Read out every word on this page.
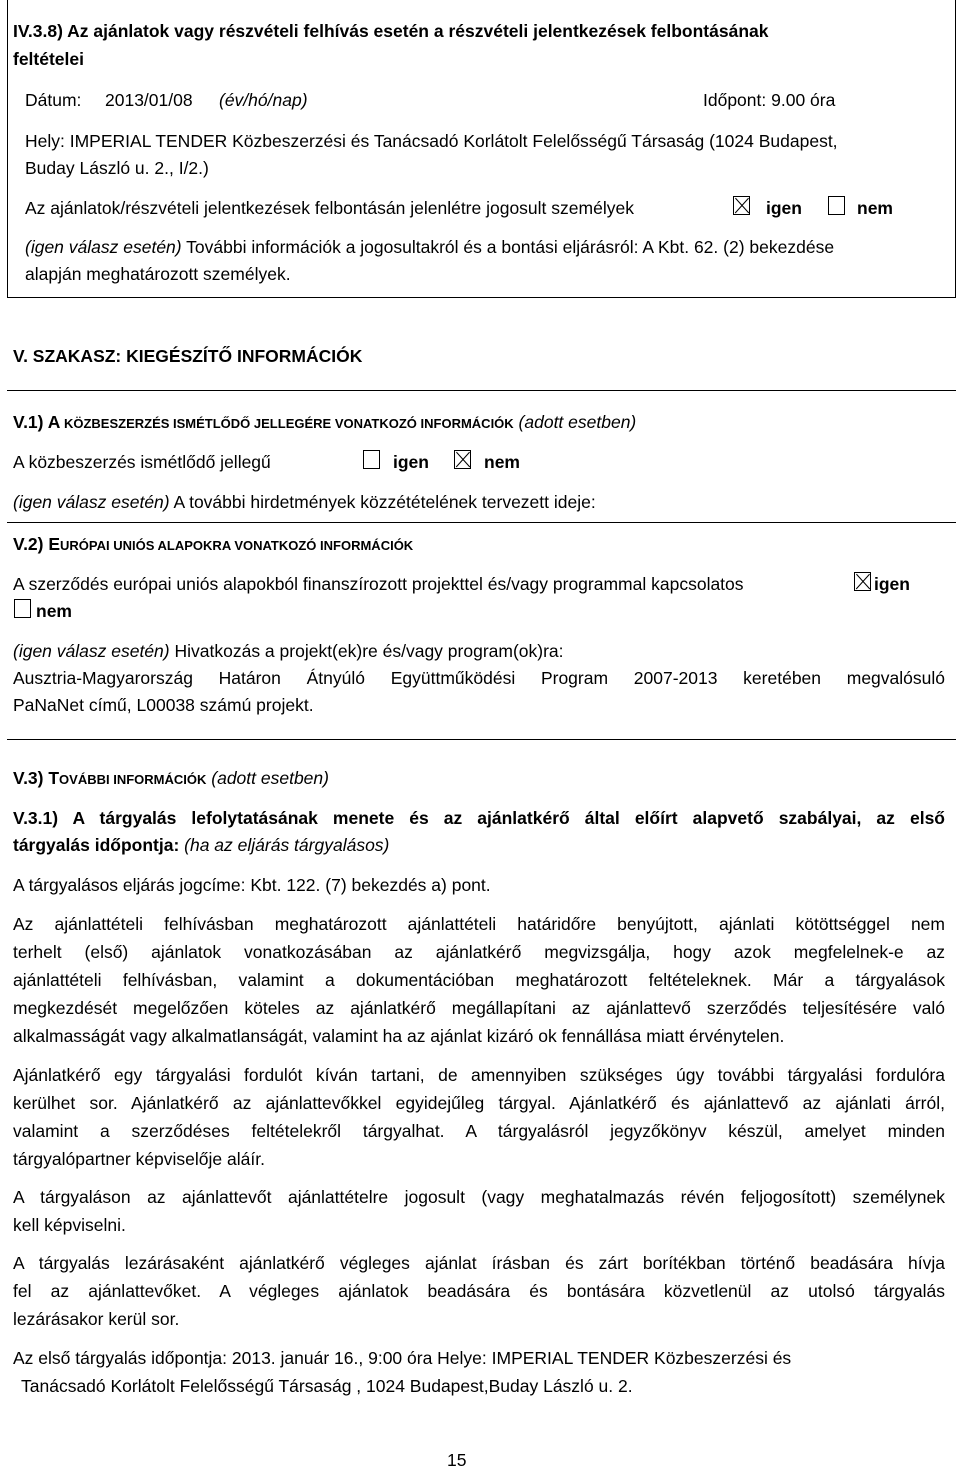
IV.3.8) Az ajánlatok vagy részvételi felhívás esetén a részvételi jelentkezések felbontásának
feltételei
Dátum: 2013/01/08 (év/hó/nap)	Időpont: 9.00 óra
Hely: IMPERIAL TENDER Közbeszerzési és Tanácsadó Korlátolt Felelősségű Társaság (1024 Budapest,
Buday László u. 2., I/2.)
Az ajánlatok/részvételi jelentkezések felbontásán jelenlétre jogosult személyek	igen	nem
(igen válasz esetén) További információk a jogosultakról és a bontási eljárásról: A Kbt. 62. (2) bekezdése
alapján meghatározott személyek.
V. SZAKASZ: KIEGÉSZÍTŐ INFORMÁCIÓK
V.1) A KÖZBESZERZÉS ISMÉTLŐDŐ JELLEGÉRE VONATKOZÓ INFORMÁCIÓK (adott esetben)
A közbeszerzés ismétlődő jellegű	igen	nem
(igen válasz esetén) A további hirdetmények közzétételének tervezett ideje:
V.2) EURÓPAI UNIÓS ALAPOKRA VONATKOZÓ INFORMÁCIÓK
A szerződés európai uniós alapokból finanszírozott projekttel és/vagy programmal kapcsolatos	igen
nem
(igen válasz esetén) Hivatkozás a projekt(ek)re és/vagy program(ok)ra:
Ausztria-Magyarország Határon Átnyúló Együttműködési Program 2007-2013 keretében megvalósuló
PaNaNet című, L00038 számú projekt.
V.3) TOVÁBBI INFORMÁCIÓK (adott esetben)
V.3.1) A tárgyalás lefolytatásának menete és az ajánlatkérő által előírt alapvető szabályai, az első
tárgyalás időpontja: (ha az eljárás tárgyalásos)
A tárgyalásos eljárás jogcíme: Kbt. 122. (7) bekezdés a) pont.
Az ajánlattételi felhívásban meghatározott ajánlattételi határidőre benyújtott, ajánlati kötöttséggel nem
terhelt (első) ajánlatok vonatkozásában az ajánlatkérő megvizsgálja, hogy azok megfelelnek-e az
ajánlattételi felhívásban, valamint a dokumentációban meghatározott feltételeknek. Már a tárgyalások
megkezdését megelőzően köteles az ajánlatkérő megállapítani az ajánlattevő szerződés teljesítésére való
alkalmasságát vagy alkalmatlanságát, valamint ha az ajánlat kizáró ok fennállása miatt érvénytelen.
Ajánlatkérő egy tárgyalási fordulót kíván tartani, de amennyiben szükséges úgy további tárgyalási fordulóra
kerülhet sor. Ajánlatkérő az ajánlattevőkkel egyidejűleg tárgyal. Ajánlatkérő és ajánlattevő az ajánlati árról,
valamint a szerződéses feltételekről tárgyalhat. A tárgyalásról jegyzőkönyv készül, amelyet minden
tárgyalópartner képviselője aláír.
A tárgyaláson az ajánlattevőt ajánlattételre jogosult (vagy meghatalmazás révén feljogosított) személynek
kell képviselni.
A tárgyalás lezárásaként ajánlatkérő végleges ajánlat írásban és zárt borítékban történő beadására hívja
fel az ajánlattevőket. A végleges ajánlatok beadására és bontására közvetlenül az utolsó tárgyalás
lezárásakor kerül sor.
Az első tárgyalás időpontja: 2013. január 16., 9:00 óra Helye: IMPERIAL TENDER Közbeszerzési és
Tanácsadó Korlátolt Felelősségű Társaság , 1024 Budapest,Buday László u. 2.
15
